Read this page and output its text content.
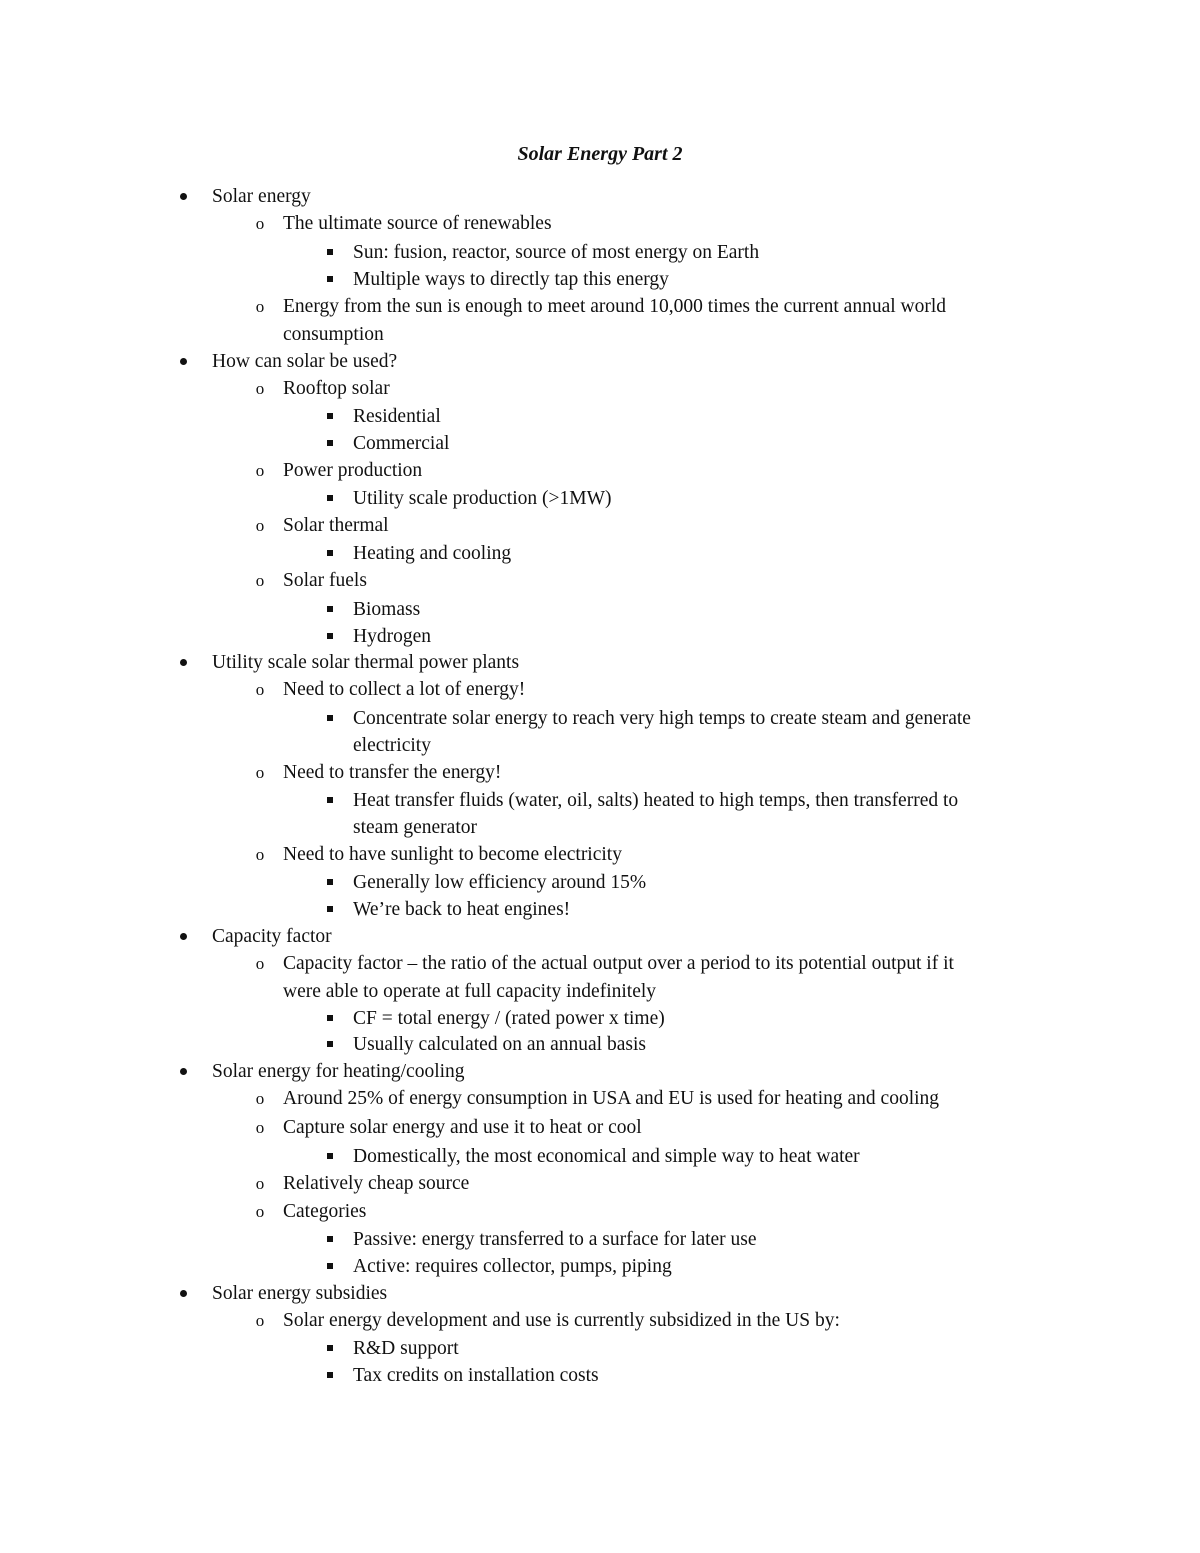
Solar Energy Part 2
Solar energy
o The ultimate source of renewables
Sun: fusion, reactor, source of most energy on Earth
Multiple ways to directly tap this energy
o Energy from the sun is enough to meet around 10,000 times the current annual world
consumption
How can solar be used?
o Rooftop solar
Residential
Commercial
o Power production
Utility scale production (>1MW)
o Solar thermal
Heating and cooling
o Solar fuels
Biomass
Hydrogen
Utility scale solar thermal power plants
o Need to collect a lot of energy!
Concentrate solar energy to reach very high temps to create steam and generate
electricity
o Need to transfer the energy!
Heat transfer fluids (water, oil, salts) heated to high temps, then transferred to
steam generator
o Need to have sunlight to become electricity
Generally low efficiency around 15%
We’re back to heat engines!
Capacity factor
o Capacity factor – the ratio of the actual output over a period to its potential output if it
were able to operate at full capacity indefinitely
CF = total energy / (rated power x time)
Usually calculated on an annual basis
Solar energy for heating/cooling
o Around 25% of energy consumption in USA and EU is used for heating and cooling
o Capture solar energy and use it to heat or cool
Domestically, the most economical and simple way to heat water
o Relatively cheap source
o Categories
Passive: energy transferred to a surface for later use
Active: requires collector, pumps, piping
Solar energy subsidies
o Solar energy development and use is currently subsidized in the US by:
R&D support
Tax credits on installation costs
